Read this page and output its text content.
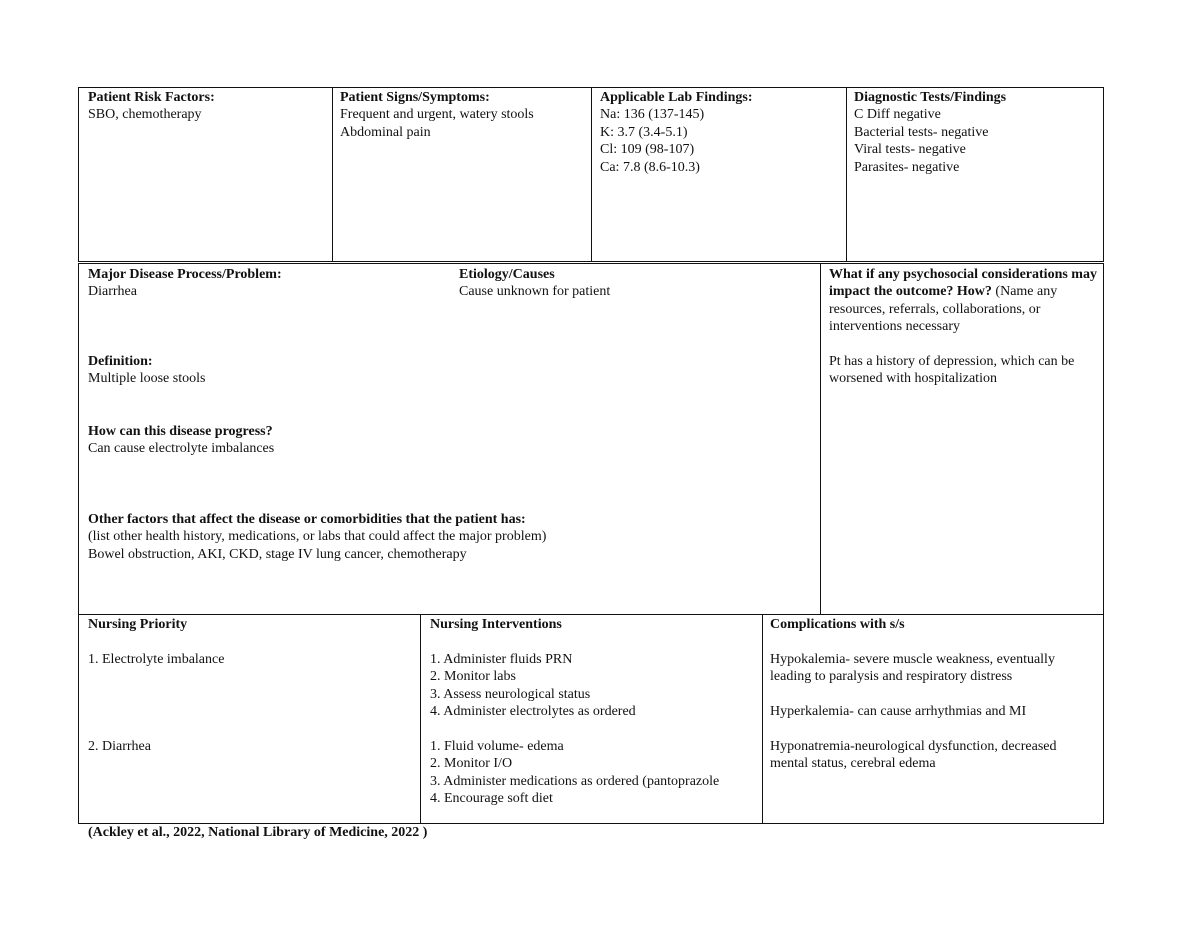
Patient Risk Factors:
SBO, chemotherapy
Patient Signs/Symptoms:
Frequent and urgent, watery stools
Abdominal pain
Applicable Lab Findings:
Na: 136 (137-145)
K: 3.7 (3.4-5.1)
Cl: 109 (98-107)
Ca: 7.8 (8.6-10.3)
Diagnostic Tests/Findings
C Diff negative
Bacterial tests- negative
Viral tests- negative
Parasites- negative
Major Disease Process/Problem:
Diarrhea
Etiology/Causes
Cause unknown for patient
Definition:
Multiple loose stools
How can this disease progress?
Can cause electrolyte imbalances
Other factors that affect the disease or comorbidities that the patient has:
(list other health history, medications, or labs that could affect the major problem)
Bowel obstruction, AKI, CKD, stage IV lung cancer, chemotherapy
What if any psychosocial considerations may impact the outcome? How? (Name any resources, referrals, collaborations, or interventions necessary
Pt has a history of depression, which can be worsened with hospitalization
Nursing Priority
1. Electrolyte imbalance
2. Diarrhea
Nursing Interventions
1. Administer fluids PRN
2. Monitor labs
3. Assess neurological status
4. Administer electrolytes as ordered
1. Fluid volume- edema
2. Monitor I/O
3. Administer medications as ordered (pantoprazole
4. Encourage soft diet
Complications with s/s
Hypokalemia- severe muscle weakness, eventually leading to paralysis and respiratory distress
Hyperkalemia- can cause arrhythmias and MI
Hyponatremia-neurological dysfunction, decreased mental status, cerebral edema
(Ackley et al., 2022, National Library of Medicine, 2022 )
